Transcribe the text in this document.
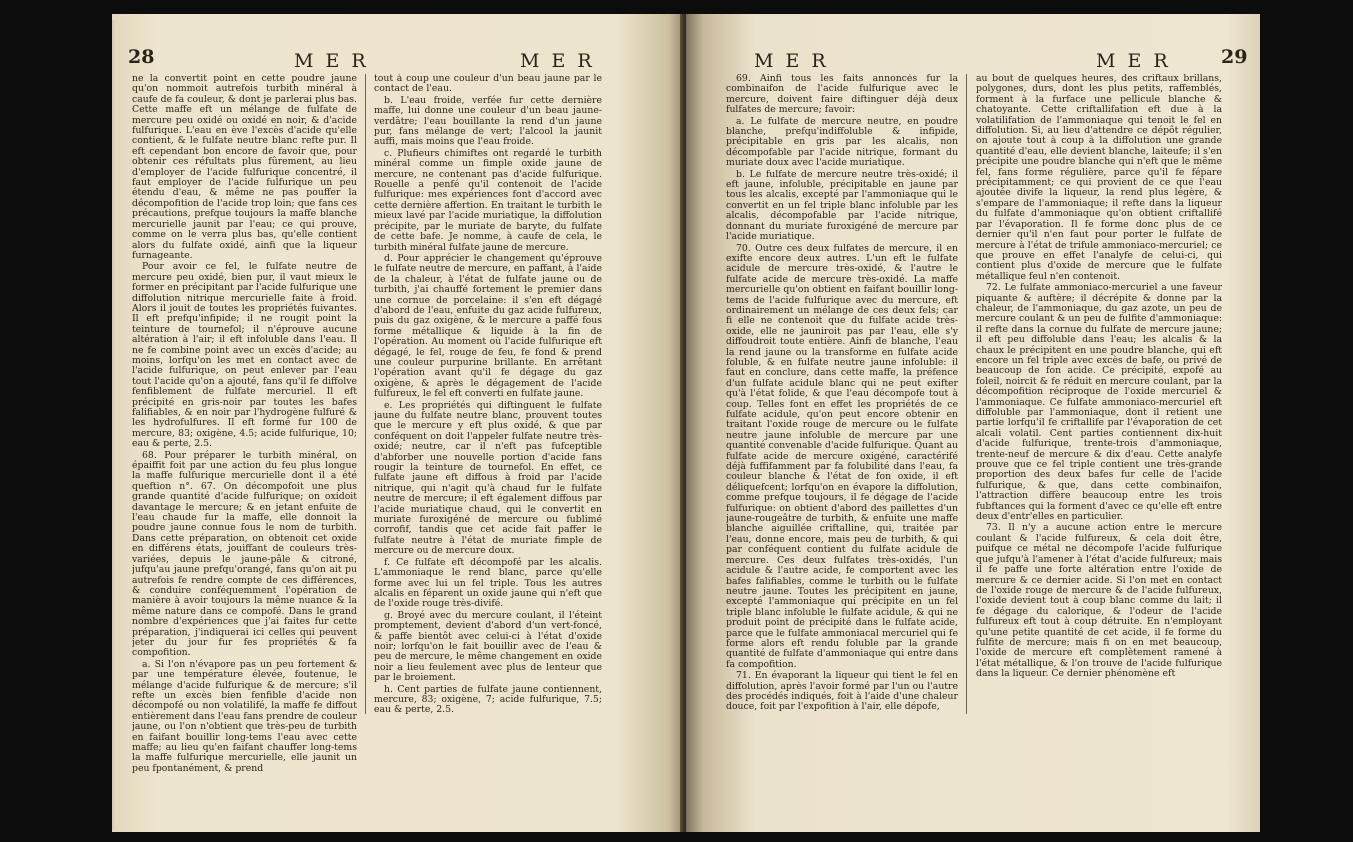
28	M E R	M E R

ne la convertit point en cette poudre jaune qu'on nommoit autrefois turbith minéral à caufe de fa couleur, & dont je parlerai plus bas. Cette maffe eft un mélange de fulfate de mercure peu oxidé ou oxidé en noir, & d'acide fulfurique. L'eau en ève l'excès d'acide qu'elle contient, & le fulfate neutre blanc refte pur. Il eft cependant bon encore de favoir que, pour obtenir ces réfultats plus fûrement, au lieu d'employer de l'acide fulfurique concentré, il faut employer de l'acide fulfurique un peu étendu d'eau, & même ne pas pouffer la décompofition de l'acide trop loin; que fans ces précautions, prefque toujours la maffe blanche mercurielle jaunit par l'eau; ce qui prouve, comme on le verra plus bas, qu'elle contient alors du fulfate oxidé, ainfi que la liqueur furnageante.

Pour avoir ce fel, le fulfate neutre de mercure peu oxidé, bien pur, il vaut mieux le former en précipitant par l'acide fulfurique une diffolution nitrique mercurielle faite à froid. Alors il jouit de toutes les propriétés fuivantes. Il eft prefqu'infipide; il ne rougit point la teinture de tournefol; il n'éprouve aucune altération à l'air; il eft infoluble dans l'eau. Il ne fe combine point avec un excès d'acide; au moins, lorfqu'on les met en contact avec de l'acide fulfurique, on peut enlever par l'eau tout l'acide qu'on a ajouté, fans qu'il fe diffolve fenfiblement de fulfate mercuriel. Il eft précipité en gris-noir par toutes les bafes falifiables, & en noir par l'hydrogène fulfuré & les hydrofulfures. Il eft formé fur 100 de mercure, 83; oxigène, 4.5; acide fulfurique, 10; eau & perte, 2.5.

68. Pour préparer le turbith minéral, on épaiffit foit par une action du feu plus longue la maffe fulfurique mercurielle dont il a été queftion n°. 67. On décompofoit une plus grande quantité d'acide fulfurique; on oxidoit davantage le mercure; & en jetant enfuite de l'eau chaude fur la maffe, elle donnoit la poudre jaune connue fous le nom de turbith. Dans cette préparation, on obtenoit cet oxide en différens états, jouiffant de couleurs très-variées, depuis le jaune-pâle & citroné, jufqu'au jaune prefqu'orangé, fans qu'on ait pu autrefois fe rendre compte de ces différences, & conduire conféquemment l'opération de manière à avoir toujours la même nuance & la même nature dans ce compofé. Dans le grand nombre d'expériences que j'ai faites fur cette préparation, j'indiquerai ici celles qui peuvent jeter du jour fur fes propriétés & fa compofition.

a. Si l'on n'évapore pas un peu fortement & par une température élevée, foutenue, le mélange d'acide fulfurique & de mercure; s'il refte un excès bien fenfible d'acide non décompofé ou non volatilifé, la maffe fe diffout entièrement dans l'eau fans prendre de couleur jaune, ou l'on n'obtient que très-peu de turbith en faifant bouillir long-tems l'eau avec cette maffe; au lieu qu'en faifant chauffer long-tems la maffe fulfurique mercurielle, elle jaunit un peu fpontanément, & prend

tout à coup une couleur d'un beau jaune par le contact de l'eau.

b. L'eau froide, verfée fur cette dernière maffe, lui donne une couleur d'un beau jaune-verdâtre; l'eau bouillante la rend d'un jaune pur, fans mélange de vert; l'alcool la jaunit auffi, mais moins que l'eau froide.

c. Plufieurs chimiftes ont regardé le turbith minéral comme un fimple oxide jaune de mercure, ne contenant pas d'acide fulfurique. Rouelle a penfé qu'il contenoit de l'acide fulfurique: mes expériences font d'accord avec cette dernière affertion. En traitant le turbith le mieux lavé par l'acide muriatique, la diffolution précipite, par le muriate de baryte, du fulfate de cette bafe. Je nomme, à caufe de cela, le turbith minéral fulfate jaune de mercure.

d. Pour apprécier le changement qu'éprouve le fulfate neutre de mercure, en paffant, à l'aide de la chaleur, à l'état de fulfate jaune ou de turbith, j'ai chauffé fortement le premier dans une cornue de porcelaine: il s'en eft dégagé d'abord de l'eau, enfuite du gaz acide fulfureux, puis du gaz oxigène, & le mercure a paffé fous forme métallique & liquide à la fin de l'opération. Au moment où l'acide fulfurique eft dégagé, le fel, rouge de feu, fe fond & prend une couleur purpurine brillante. En arrêtant l'opération avant qu'il fe dégage du gaz oxigène, & après le dégagement de l'acide fulfureux, le fel eft converti en fulfate jaune.

e. Les propriétés qui diftinguent le fulfate jaune du fulfate neutre blanc, prouvent toutes que le mercure y eft plus oxidé, & que par conféquent on doit l'appeler fulfate neutre très-oxidé; neutre, car il n'eft pas fufceptible d'abforber une nouvelle portion d'acide fans rougir la teinture de tournefol. En effet, ce fulfate jaune eft diffous à froid par l'acide nitrique, qui n'agit qu'à chaud fur le fulfate neutre de mercure; il eft également diffous par l'acide muriatique chaud, qui le convertit en muriate furoxigéné de mercure ou fublimé corrofif, tandis que cet acide fait paffer le fulfate neutre à l'état de muriate fimple de mercure ou de mercure doux.

f. Ce fulfate eft décompofé par les alcalis. L'ammoniaque le rend blanc, parce qu'elle forme avec lui un fel triple. Tous les autres alcalis en féparent un oxide jaune qui n'eft que de l'oxide rouge très-divifé.

g. Broyé avec du mercure coulant, il l'éteint promptement, devient d'abord d'un vert-foncé, & paffe bientôt avec celui-ci à l'état d'oxide noir; lorfqu'on le fait bouillir avec de l'eau & peu de mercure, le même changement en oxide noir a lieu feulement avec plus de lenteur que par le broiement.

h. Cent parties de fulfate jaune contiennent, mercure, 83; oxigène, 7; acide fulfurique, 7.5; eau & perte, 2.5.

M E R	M E R	29

69. Ainfi tous les faits annoncés fur la combinaifon de l'acide fulfurique avec le mercure, doivent faire diftinguer déjà deux fulfates de mercure; favoir:

a. Le fulfate de mercure neutre, en poudre blanche, prefqu'indiffoluble & infipide, précipitable en gris par les alcalis, non décompofable par l'acide nitrique, formant du muriate doux avec l'acide muriatique.

b. Le fulfate de mercure neutre très-oxidé; il eft jaune, infoluble, précipitable en jaune par tous les alcalis, excepté par l'ammoniaque qui le convertit en un fel triple blanc infoluble par les alcalis, décompofable par l'acide nitrique, donnant du muriate furoxigéné de mercure par l'acide muriatique.

70. Outre ces deux fulfates de mercure, il en exifte encore deux autres. L'un eft le fulfate acidule de mercure très-oxidé, & l'autre le fulfate acide de mercure très-oxidé. La maffe mercurielle qu'on obtient en faifant bouillir long-tems de l'acide fulfurique avec du mercure, eft ordinairement un mélange de ces deux fels; car fi elle ne contenoit que du fulfate acide très-oxide, elle ne jauniroit pas par l'eau, elle s'y diffoudroit toute entière. Ainfi de blanche, l'eau la rend jaune ou la transforme en fulfate acide foluble, & en fulfate neutre jaune infoluble: il faut en conclure, dans cette maffe, la préfence d'un fulfate acidule blanc qui ne peut exifter qu'à l'état folide, & que l'eau décompofe tout à coup. Telles font en effet les propriétés de ce fulfate acidule, qu'on peut encore obtenir en traitant l'oxide rouge de mercure ou le fulfate neutre jaune infoluble de mercure par une quantité convenable d'acide fulfurique. Quant au fulfate acide de mercure oxigéné, caractérifé déjà fuffifamment par fa folubilité dans l'eau, fa couleur blanche & l'état de fon oxide, il eft déliquefcent; lorfqu'on en évapore la diffolution, comme prefque toujours, il fe dégage de l'acide fulfurique: on obtient d'abord des paillettes d'un jaune-rougeâtre de turbith, & enfuite une maffe blanche aiguillée criftalline, qui, traitée par l'eau, donne encore, mais peu de turbith, & qui par conféquent contient du fulfate acidule de mercure. Ces deux fulfates très-oxidés, l'un acidule & l'autre acide, fe comportent avec les bafes falifiables, comme le turbith ou le fulfate neutre jaune. Toutes les précipitent en jaune, excepté l'ammoniaque qui précipite en un fel triple blanc infoluble le fulfate acidule, & qui ne produit point de précipité dans le fulfate acide, parce que le fulfate ammoniacal mercuriel qui fe forme alors eft rendu foluble par la grande quantité de fulfate d'ammoniaque qui entre dans fa compofition.

71. En évaporant la liqueur qui tient le fel en diffolution, après l'avoir formé par l'un ou l'autre des procédés indiqués, foit à l'aide d'une chaleur douce, foit par l'expofition à l'air, elle dépofe,

au bout de quelques heures, des criftaux brillans, polygones, durs, dont les plus petits, raffemblés, forment à la furface une pellicule blanche & chatoyante. Cette criftallifation eft due à la volatilifation de l'ammoniaque qui tenoit le fel en diffolution. Si, au lieu d'attendre ce dépôt régulier, on ajoute tout à coup à la diffolution une grande quantité d'eau, elle devient blanche, laiteufe; il s'en précipite une poudre blanche qui n'eft que le même fel, fans forme régulière, parce qu'il fe fépare précipitamment; ce qui provient de ce que l'eau ajoutée divife la liqueur, la rend plus légère, & s'empare de l'ammoniaque; il refte dans la liqueur du fulfate d'ammoniaque qu'on obtient criftallifé par l'évaporation. Il fe forme donc plus de ce dernier qu'il n'en faut pour porter le fulfate de mercure à l'état de trifule ammoniaco-mercuriel; ce que prouve en effet l'analyfe de celui-ci, qui contient plus d'oxide de mercure que le fulfate métallique feul n'en contenoit.

72. Le fulfate ammoniaco-mercuriel a une faveur piquante & auftère; il décrépite & donne par la chaleur, de l'ammoniaque, du gaz azote, un peu de mercure coulant & un peu de fulfite d'ammoniaque: il refte dans la cornue du fulfate de mercure jaune; il eft peu diffoluble dans l'eau; les alcalis & la chaux le précipitent en une poudre blanche, qui eft encore un fel triple avec excès de bafe, ou privé de beaucoup de fon acide. Ce précipité, expofé au foleil, noircit & fe réduit en mercure coulant, par la décompofition réciproque de l'oxide mercuriel & l'ammoniaque. Ce fulfate ammoniaco-mercuriel eft diffoluble par l'ammoniaque, dont il retient une partie lorfqu'il fe criftallife par l'évaporation de cet alcali volatil. Cent parties contiennent dix-huit d'acide fulfurique, trente-trois d'ammoniaque, trente-neuf de mercure & dix d'eau. Cette analyfe prouve que ce fel triple contient une très-grande proportion des deux bafes fur celle de l'acide fulfurique, & que, dans cette combinaifon, l'attraction diffère beaucoup entre les trois fubftances qui la forment d'avec ce qu'elle eft entre deux d'entr'elles en particulier.

73. Il n'y a aucune action entre le mercure coulant & l'acide fulfureux, & cela doit être, puifque ce métal ne décompofe l'acide fulfurique que jufqu'à l'amener à l'état d'acide fulfureux; mais il fe paffe une forte altération entre l'oxide de mercure & ce dernier acide. Si l'on met en contact de l'oxide rouge de mercure & de l'acide fulfureux, l'oxide devient tout à coup blanc comme du lait; il fe dégage du calorique, & l'odeur de l'acide fulfureux eft tout à coup détruite. En n'employant qu'une petite quantité de cet acide, il fe forme du fulfite de mercure; mais fi on en met beaucoup, l'oxide de mercure eft complètement ramené à l'état métallique, & l'on trouve de l'acide fulfurique dans la liqueur. Ce dernier phénomène eft
